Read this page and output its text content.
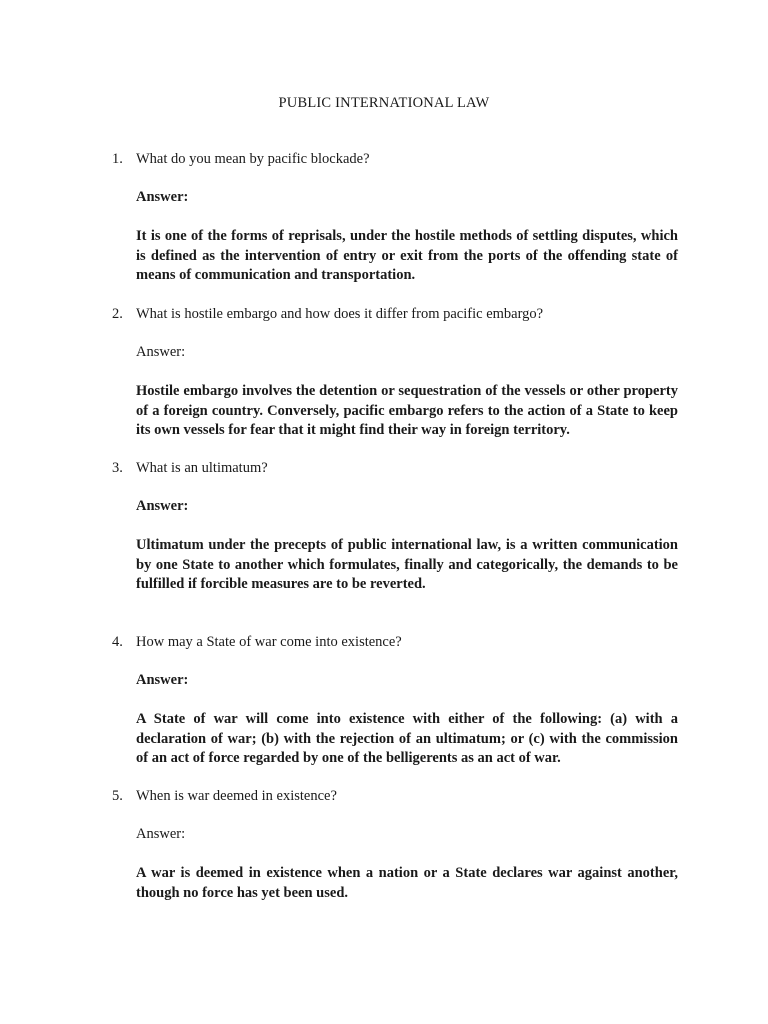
PUBLIC INTERNATIONAL LAW
1. What do you mean by pacific blockade?
Answer:
It is one of the forms of reprisals, under the hostile methods of settling disputes, which is defined as the intervention of entry or exit from the ports of the offending state of means of communication and transportation.
2. What is hostile embargo and how does it differ from pacific embargo?
Answer:
Hostile embargo involves the detention or sequestration of the vessels or other property of a foreign country. Conversely, pacific embargo refers to the action of a State to keep its own vessels for fear that it might find their way in foreign territory.
3. What is an ultimatum?
Answer:
Ultimatum under the precepts of public international law, is a written communication by one State to another which formulates, finally and categorically, the demands to be fulfilled if forcible measures are to be reverted.
4. How may a State of war come into existence?
Answer:
A State of war will come into existence with either of the following: (a) with a declaration of war; (b) with the rejection of an ultimatum; or (c) with the commission of an act of force regarded by one of the belligerents as an act of war.
5. When is war deemed in existence?
Answer:
A war is deemed in existence when a nation or a State declares war against another, though no force has yet been used.
